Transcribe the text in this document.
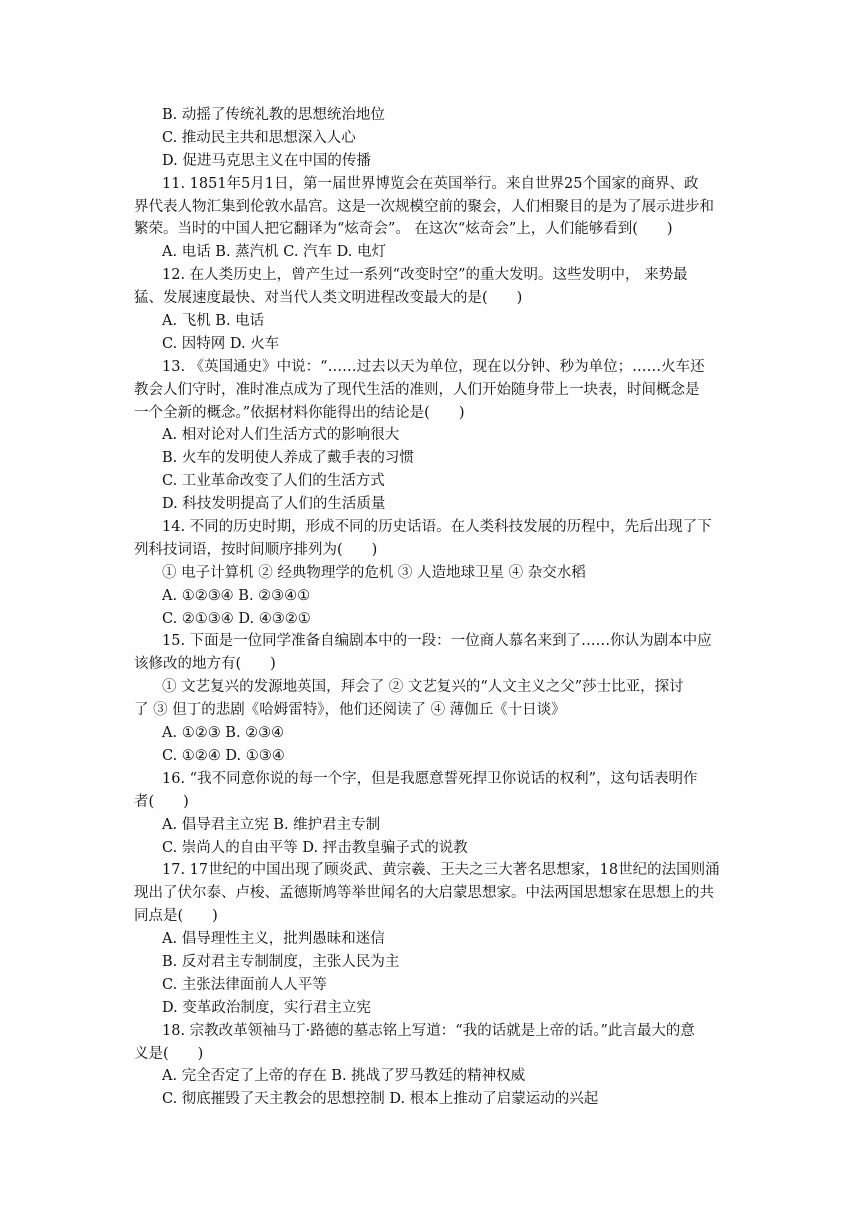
B. 动摇了传统礼教的思想统治地位
C. 推动民主共和思想深入人心
D. 促进马克思主义在中国的传播
11. 1851年5月1日，第一届世界博览会在英国举行。来自世界25个国家的商界、政
界代表人物汇集到伦敦水晶宫。这是一次规模空前的聚会，人们相聚目的是为了展示进步和
繁荣。当时的中国人把它翻译为“炫奇会”。 在这次“炫奇会”上，人们能够看到(　　)
A. 电话 B. 蒸汽机 C. 汽车 D. 电灯
12. 在人类历史上，曾产生过一系列“改变时空”的重大发明。这些发明中， 来势最
猛、发展速度最快、对当代人类文明进程改变最大的是(　　)
A. 飞机 B. 电话
C. 因特网 D. 火车
13. 《英国通史》中说：“……过去以天为单位，现在以分钟、秒为单位；……火车还
教会人们守时，准时准点成为了现代生活的准则，人们开始随身带上一块表，时间概念是
一个全新的概念。”依据材料你能得出的结论是(　　)
A. 相对论对人们生活方式的影响很大
B. 火车的发明使人养成了戴手表的习惯
C. 工业革命改变了人们的生活方式
D. 科技发明提高了人们的生活质量
14. 不同的历史时期，形成不同的历史话语。在人类科技发展的历程中，先后出现了下
列科技词语，按时间顺序排列为(　　)
① 电子计算机 ② 经典物理学的危机 ③ 人造地球卫星 ④ 杂交水稻
A. ①②③④ B. ②③④①
C. ②①③④ D. ④③②①
15. 下面是一位同学准备自编剧本中的一段：一位商人慕名来到了……你认为剧本中应
该修改的地方有(　　)
① 文艺复兴的发源地英国，拜会了 ② 文艺复兴的“人文主义之父”莎士比亚，探讨
了 ③ 但丁的悲剧《哈姆雷特》，他们还阅读了 ④ 薄伽丘《十日谈》
A. ①②③ B. ②③④
C. ①②④ D. ①③④
16. “我不同意你说的每一个字，但是我愿意誓死捍卫你说话的权利”，这句话表明作
者(　　)
A. 倡导君主立宪 B. 维护君主专制
C. 崇尚人的自由平等 D. 抨击教皇骗子式的说教
17. 17世纪的中国出现了顾炎武、黄宗羲、王夫之三大著名思想家，18世纪的法国则涌
现出了伏尔泰、卢梭、孟德斯鸠等举世闻名的大启蒙思想家。中法两国思想家在思想上的共
同点是(　　)
A. 倡导理性主义，批判愚昧和迷信
B. 反对君主专制制度，主张人民为主
C. 主张法律面前人人平等
D. 变革政治制度，实行君主立宪
18. 宗教改革领袖马丁·路德的墓志铭上写道：“我的话就是上帝的话。”此言最大的意
义是(　　)
A. 完全否定了上帝的存在 B. 挑战了罗马教廷的精神权威
C. 彻底摧毁了天主教会的思想控制 D. 根本上推动了启蒙运动的兴起
